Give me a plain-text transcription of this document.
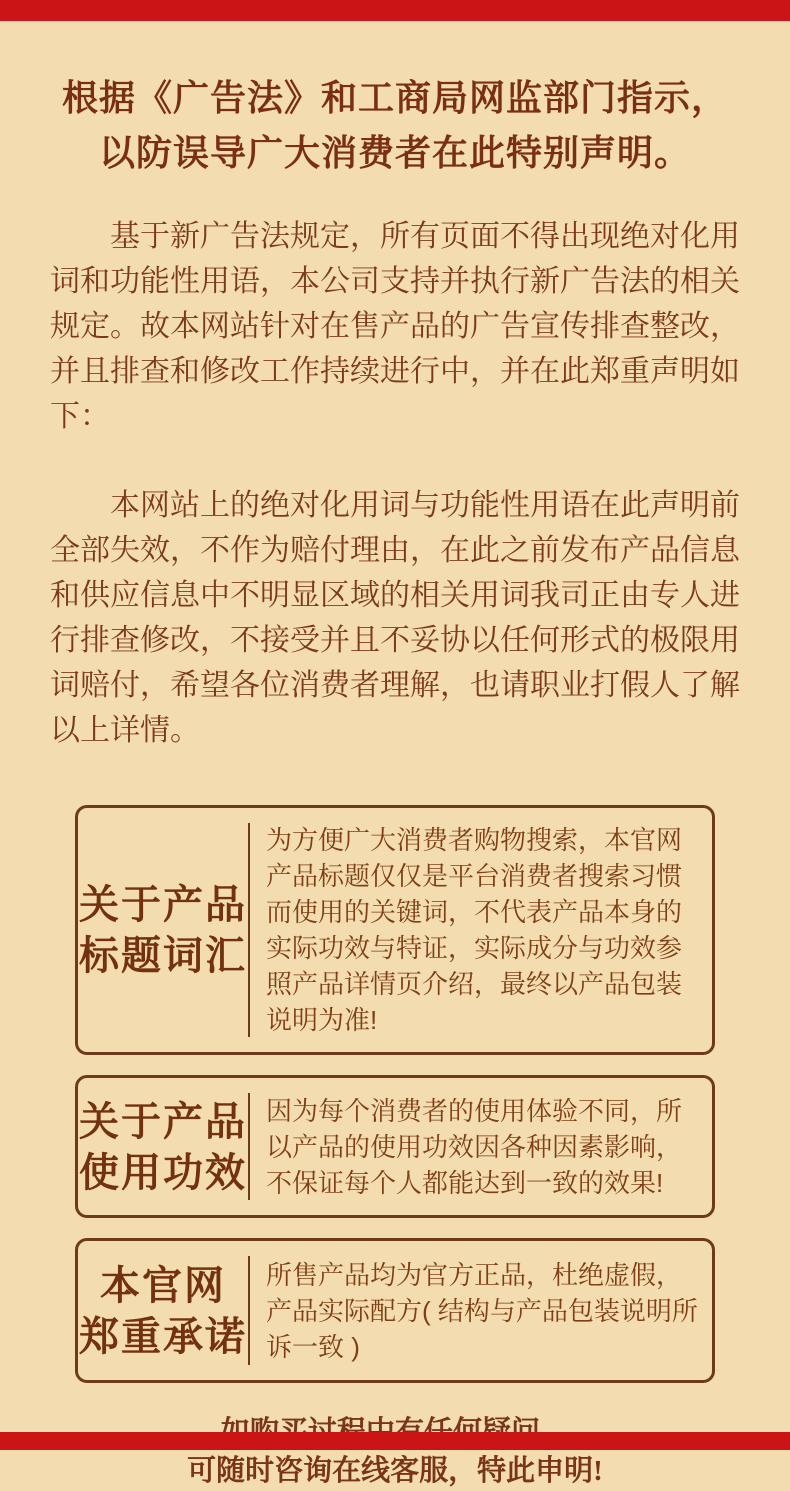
根据《广告法》和工商局网监部门指示，
以防误导广大消费者在此特别声明。

基于新广告法规定，所有页面不得出现绝对化用词和功能性用语，本公司支持并执行新广告法的相关规定。故本网站针对在售产品的广告宣传排查整改，并且排查和修改工作持续进行中，并在此郑重声明如下：

本网站上的绝对化用词与功能性用语在此声明前全部失效，不作为赔付理由，在此之前发布产品信息和供应信息中不明显区域的相关用词我司正由专人进行排查修改，不接受并且不妥协以任何形式的极限用词赔付，希望各位消费者理解，也请职业打假人了解以上详情。

关于产品
标题词汇

为方便广大消费者购物搜索，本官网产品标题仅仅是平台消费者搜索习惯而使用的关键词，不代表产品本身的实际功效与特证，实际成分与功效参照产品详情页介绍，最终以产品包装说明为准!

关于产品
使用功效

因为每个消费者的使用体验不同，所以产品的使用功效因各种因素影响，不保证每个人都能达到一致的效果!

本官网
郑重承诺

所售产品均为官方正品，杜绝虚假，产品实际配方( 结构与产品包装说明所诉一致 )

可随时咨询在线客服，特此申明!
